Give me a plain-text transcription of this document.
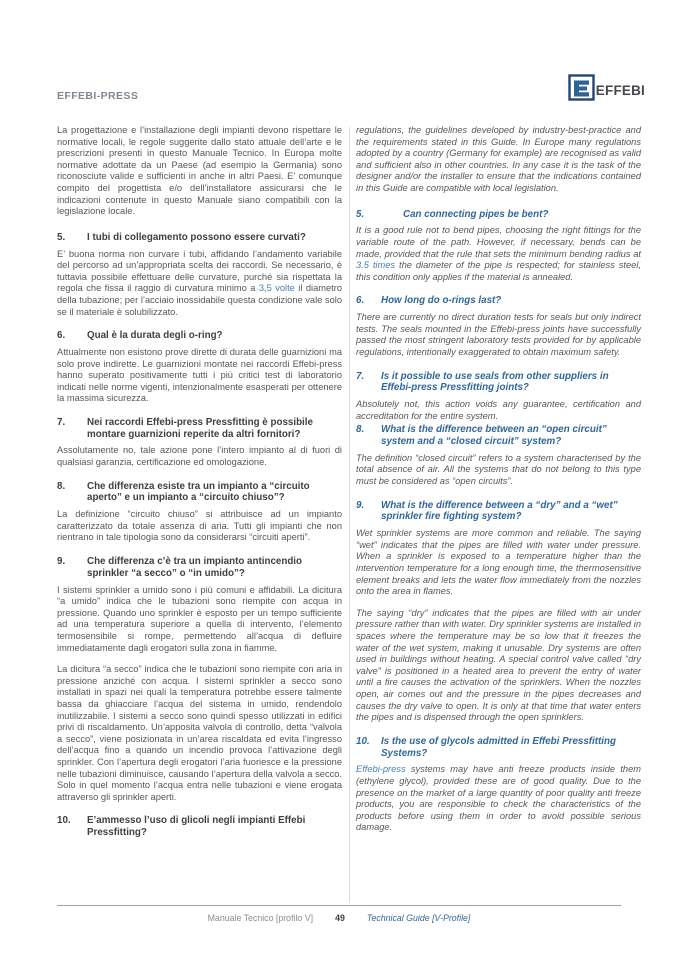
EFFEBI-PRESS	EFFEBI

La progettazione e l’installazione degli impianti devono rispettare le normative locali, le regole suggerite dallo stato attuale dell’arte e le prescrizioni presenti in questo Manuale Tecnico. In Europa molte normative adottate da un Paese (ad esempio la Germania) sono riconosciute valide e sufficienti in anche in altri Paesi. E’ comunque compito del progettista e/o dell’installatore assicurarsi che le indicazioni contenute in questo Manuale siano compatibili con la legislazione locale.

5.	I tubi di collegamento possono essere curvati?

E’ buona norma non curvare i tubi, affidando l’andamento variabile del percorso ad un’appropriata scelta dei raccordi. Se necessario, è tuttavia possibile effettuare delle curvature, purché sia rispettata la regola che fissa il raggio di curvatura minimo a 3,5 volte il diametro della tubazione; per l’acciaio inossidabile questa condizione vale solo se il materiale è solubilizzato.

6.	Qual è la durata degli o-ring?

Attualmente non esistono prove dirette di durata delle guarnizioni ma solo prove indirette. Le guarnizioni montate nei raccordi Effebi-press hanno superato positivamente tutti i più critici test di laboratorio indicati nelle norme vigenti, intenzionalmente esasperati per ottenere la massima sicurezza.

7.	Nei raccordi Effebi-press Pressfitting è possibile montare guarnizioni reperite da altri fornitori?

Assolutamente no, tale azione pone l’intero impianto al di fuori di qualsiasi garanzia, certificazione ed omologazione.

8.	Che differenza esiste tra un impianto a “circuito aperto” e un impianto a “circuito chiuso”?

La definizione “circuito chiuso” si attribuisce ad un impianto caratterizzato da totale assenza di aria. Tutti gli impianti che non rientrano in tale tipologia sono da considerarsi “circuiti aperti”.

9.	Che differenza c’è tra un impianto antincendio sprinkler “a secco” o “in umido”?

I sistemi sprinkler a umido sono i più comuni e affidabili. La dicitura “a umido” indica che le tubazioni sono riempite con acqua in pressione. Quando uno sprinkler è esposto per un tempo sufficiente ad una temperatura superiore a quella di intervento, l’elemento termosensibile si rompe, permettendo all’acqua di defluire immediatamente dagli erogatori sulla zona in fiamme.

La dicitura “a secco” indica che le tubazioni sono riempite con aria in pressione anziché con acqua. I sistemi sprinkler a secco sono installati in spazi nei quali la temperatura potrebbe essere talmente bassa da ghiacciare l’acqua del sistema in umido, rendendolo inutilizzabile. I sistemi a secco sono quindi spesso utilizzati in edifici privi di riscaldamento. Un’apposita valvola di controllo, detta “valvola a secco”, viene posizionata in un’area riscaldata ed evita l’ingresso dell’acqua fino a quando un incendio provoca l’attivazione degli sprinkler. Con l’apertura degli erogatori l’aria fuoriesce e la pressione nelle tubazioni diminuisce, causando l’apertura della valvola a secco. Solo in quel momento l’acqua entra nelle tubazioni e viene erogata attraverso gli sprinkler aperti.

10.	E’ammesso l’uso di glicoli negli impianti Effebi Pressfitting?

regulations, the guidelines developed by industry-best-practice and the requirements stated in this Guide. In Europe many regulations adopted by a country (Germany for example) are recognised as valid and sufficient also in other countries. In any case it is the task of the designer and/or the installer to ensure that the indications contained in this Guide are compatible with local legislation.

5.	Can connecting pipes be bent?

It is a good rule not to bend pipes, choosing the right fittings for the variable route of the path. However, if necessary, bends can be made, provided that the rule that sets the minimum bending radius at 3.5 times the diameter of the pipe is respected; for stainless steel, this condition only applies if the material is annealed.

6.	How long do o-rings last?

There are currently no direct duration tests for seals but only indirect tests. The seals mounted in the Effebi-press joints have successfully passed the most stringent laboratory tests provided for by applicable regulations, intentionally exaggerated to obtain maximum safety.

7.	Is it possible to use seals from other suppliers in Effebi-press Pressfitting joints?

Absolutely not, this action voids any guarantee, certification and accreditation for the entire system.

8.	What is the difference between an “open circuit” system and a “closed circuit” system?

The definition “closed circuit” refers to a system characterised by the total absence of air. All the systems that do not belong to this type must be considered as “open circuits”.

9.	What is the difference between a “dry” and a “wet” sprinkler fire fighting system?

Wet sprinkler systems are more common and reliable. The saying “wet” indicates that the pipes are filled with water under pressure. When a sprinkler is exposed to a temperature higher than the intervention temperature for a long enough time, the thermosensitive element breaks and lets the water flow immediately from the nozzles onto the area in flames.

The saying “dry” indicates that the pipes are filled with air under pressure rather than with water. Dry sprinkler systems are installed in spaces where the temperature may be so low that it freezes the water of the wet system, making it unusable. Dry systems are often used in buildings without heating. A special control valve called “dry valve” is positioned in a heated area to prevent the entry of water until a fire causes the activation of the sprinklers. When the nozzles open, air comes out and the pressure in the pipes decreases and causes the dry valve to open. It is only at that time that water enters the pipes and is dispensed through the open sprinklers.

10.	Is the use of glycols admitted in Effebi Pressfitting Systems?

Effebi-press systems may have anti freeze products inside them (ethylene glycol), provided these are of good quality. Due to the presence on the market of a large quantity of poor quality anti freeze products, you are responsible to check the characteristics of the products before using them in order to avoid possible serious damage.

Manuale Tecnico [profilo V]	49	Technical Guide [V-Profile]
